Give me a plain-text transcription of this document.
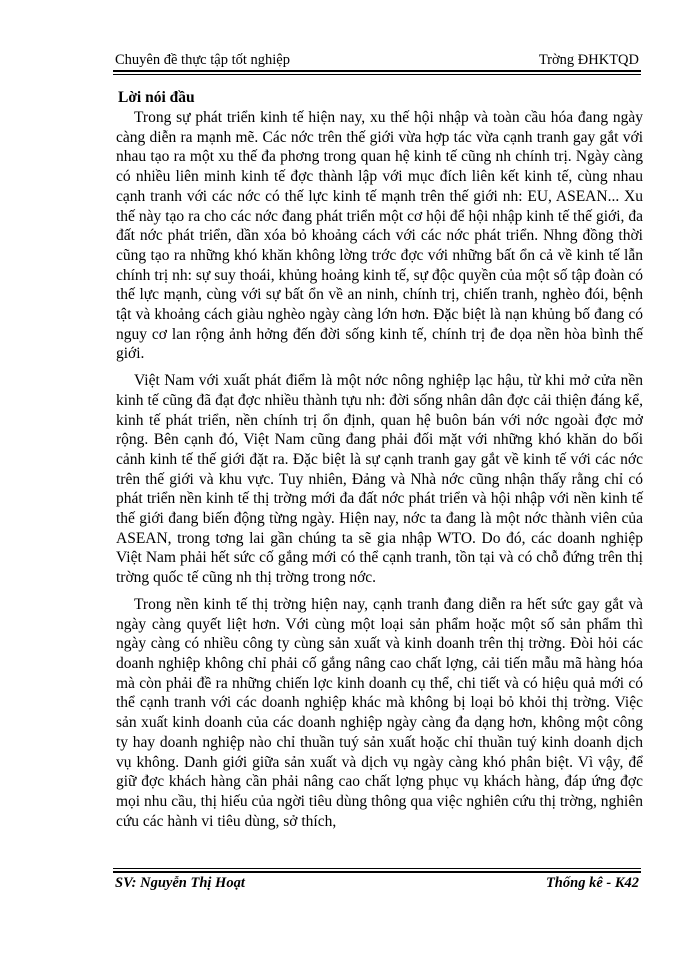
Chuyên đề thực tập tốt nghiệp	Trờng ĐHKTQD
Lời nói đầu

Trong sự phát triển kinh tế hiện nay, xu thế hội nhập và toàn cầu hóa đang ngày càng diễn ra mạnh mẽ. Các nớc trên thế giới vừa hợp tác vừa cạnh tranh gay gắt với nhau tạo ra một xu thế đa phơng trong quan hệ kinh tế cũng nh chính trị. Ngày càng có nhiều liên minh kinh tế đợc thành lập với mục đích liên kết kinh tế, cùng nhau cạnh tranh với các nớc có thế lực kinh tế mạnh trên thế giới nh: EU, ASEAN... Xu thế này tạo ra cho các nớc đang phát triển một cơ hội để hội nhập kinh tế thế giới, đa đất nớc phát triển, dần xóa bỏ khoảng cách với các nớc phát triển. Nhng đồng thời cũng tạo ra những khó khăn không lờng trớc đợc với những bất ổn cả về kinh tế lẫn chính trị nh: sự suy thoái, khủng hoảng kinh tế, sự độc quyền của một số tập đoàn có thế lực mạnh, cùng với sự bất ổn về an ninh, chính trị, chiến tranh, nghèo đói, bệnh tật và khoảng cách giàu nghèo ngày càng lớn hơn. Đặc biệt là nạn khủng bố đang có nguy cơ lan rộng ảnh hởng đến đời sống kinh tế, chính trị đe dọa nền hòa bình thế giới.

Việt Nam với xuất phát điểm là một nớc nông nghiệp lạc hậu, từ khi mở cửa nền kinh tế cũng đã đạt đợc nhiều thành tựu nh: đời sống nhân dân đợc cải thiện đáng kể, kinh tế phát triển, nền chính trị ổn định, quan hệ buôn bán với nớc ngoài đợc mở rộng. Bên cạnh đó, Việt Nam cũng đang phải đối mặt với những khó khăn do bối cảnh kinh tế thế giới đặt ra. Đặc biệt là sự cạnh tranh gay gắt về kinh tế với các nớc trên thế giới và khu vực. Tuy nhiên, Đảng và Nhà nớc cũng nhận thấy rằng chỉ có phát triển nền kinh tế thị trờng mới đa đất nớc phát triển và hội nhập với nền kinh tế thế giới đang biến động từng ngày. Hiện nay, nớc ta đang là một nớc thành viên của ASEAN, trong tơng lai gần chúng ta sẽ gia nhập WTO. Do đó, các doanh nghiệp Việt Nam phải hết sức cố gắng mới có thể cạnh tranh, tồn tại và có chỗ đứng trên thị trờng quốc tế cũng nh thị trờng trong nớc.

Trong nền kinh tế thị trờng hiện nay, cạnh tranh đang diễn ra hết sức gay gắt và ngày càng quyết liệt hơn. Với cùng một loại sản phẩm hoặc một số sản phẩm thì ngày càng có nhiều công ty cùng sản xuất và kinh doanh trên thị trờng. Đòi hỏi các doanh nghiệp không chỉ phải cố gắng nâng cao chất lợng, cải tiến mẫu mã hàng hóa mà còn phải đề ra những chiến lợc kinh doanh cụ thể, chi tiết và có hiệu quả mới có thể cạnh tranh với các doanh nghiệp khác mà không bị loại bỏ khỏi thị trờng. Việc sản xuất kinh doanh của các doanh nghiệp ngày càng đa dạng hơn, không một công ty hay doanh nghiệp nào chỉ thuần tuý sản xuất hoặc chỉ thuần tuý kinh doanh dịch vụ không. Danh giới giữa sản xuất và dịch vụ ngày càng khó phân biệt. Vì vậy, để giữ đợc khách hàng cần phải nâng cao chất lợng phục vụ khách hàng, đáp ứng đợc mọi nhu cầu, thị hiếu của ngời tiêu dùng thông qua việc nghiên cứu thị trờng, nghiên cứu các hành vi tiêu dùng, sở thích,

SV: Nguyễn Thị Hoạt	Thống kê - K42
